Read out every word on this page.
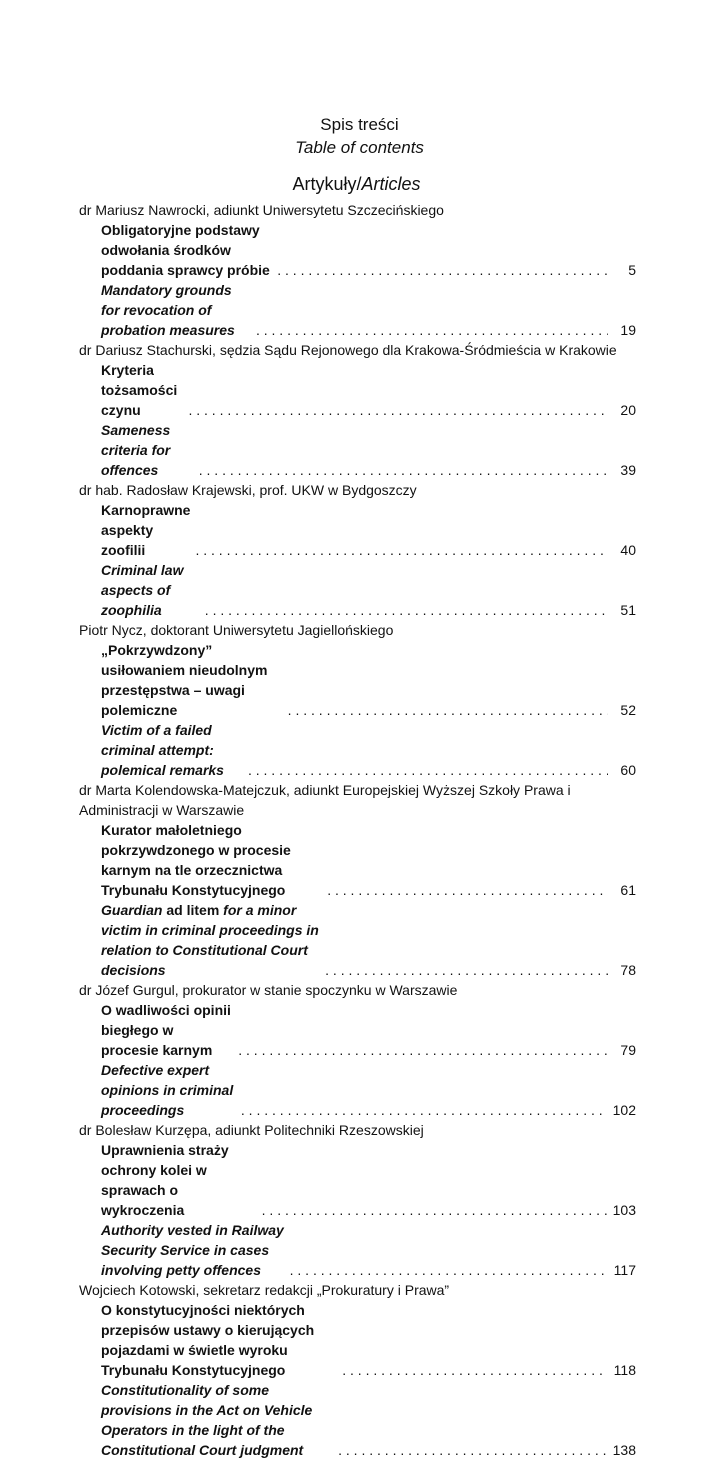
Spis treści
Table of contents
Artykuły/Articles
dr Mariusz Nawrocki, adiunkt Uniwersytetu Szczecińskiego
Obligatoryjne podstawy odwołania środków poddania sprawcy próbie . . .	5
Mandatory grounds for revocation of probation measures . . .	19
dr Dariusz Stachurski, sędzia Sądu Rejonowego dla Krakowa-Śródmieścia w Krakowie
Kryteria tożsamości czynu . . .	20
Sameness criteria for offences . . .	39
dr hab. Radosław Krajewski, prof. UKW w Bydgoszczy
Karnoprawne aspekty zoofilii . . .	40
Criminal law aspects of zoophilia . . .	51
Piotr Nycz, doktorant Uniwersytetu Jagiellońskiego
„Pokrzywdzony” usiłowaniem nieudolnym przestępstwa – uwagi polemiczne . . .	52
Victim of a failed criminal attempt: polemical remarks . . .	60
dr Marta Kolendowska-Matejczuk, adiunkt Europejskiej Wyższej Szkoły Prawa i Administracji w Warszawie
Kurator małoletniego pokrzywdzonego w procesie karnym na tle orzecznictwa Trybunału Konstytucyjnego . . .	61
Guardian ad litem for a minor victim in criminal proceedings in relation to Constitutional Court decisions . . .	78
dr Józef Gurgul, prokurator w stanie spoczynku w Warszawie
O wadliwości opinii biegłego w procesie karnym . . .	79
Defective expert opinions in criminal proceedings . . .	102
dr Bolesław Kurzępa, adiunkt Politechniki Rzeszowskiej
Uprawnienia straży ochrony kolei w sprawach o wykroczenia . . .	103
Authority vested in Railway Security Service in cases involving petty offences . . .	117
Wojciech Kotowski, sekretarz redakcji „Prokuratury i Prawa”
O konstytucyjności niektórych przepisów ustawy o kierujących pojazdami w świetle wyroku Trybunału Konstytucyjnego . . .	118
Constitutionality of some provisions in the Act on Vehicle Operators in the light of the Constitutional Court judgment . . .	138
